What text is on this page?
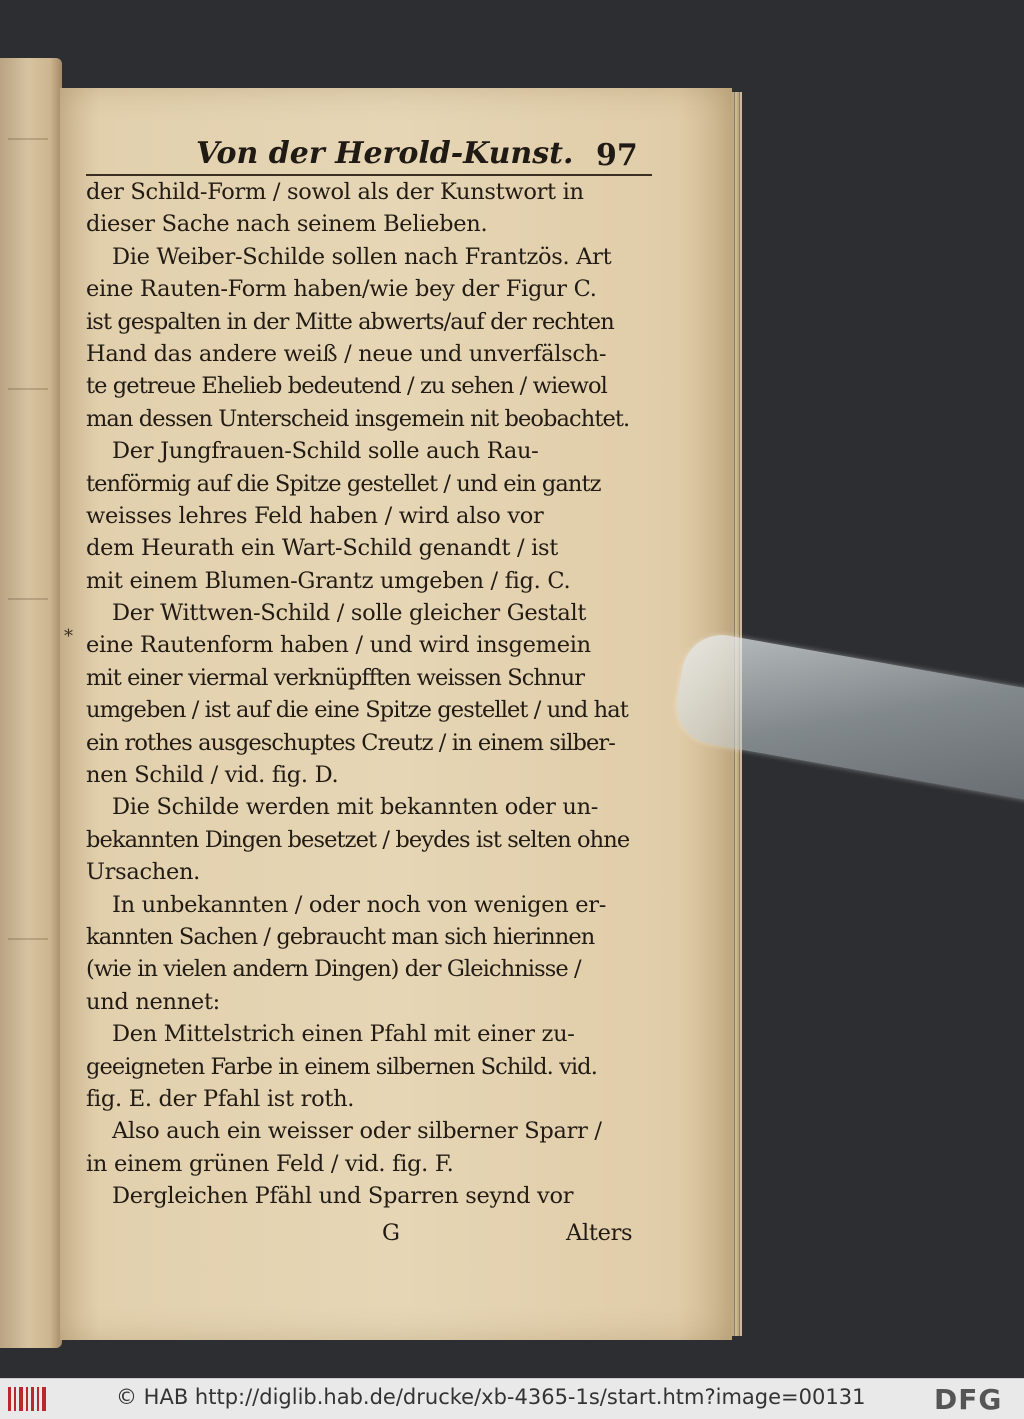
Von der Herold-Kunst. 97
*
der Schild-Form / sowol als der Kunstwort in
dieser Sache nach seinem Belieben.
Die Weiber-Schilde sollen nach Frantzös. Art
eine Rauten-Form haben/wie bey der Figur C.
ist gespalten in der Mitte abwerts/auf der rechten
Hand das andere weiß / neue und unverfälsch-
te getreue Ehelieb bedeutend / zu sehen / wiewol
man dessen Unterscheid insgemein nit beobachtet.
Der Jungfrauen-Schild solle auch Rau-
tenförmig auf die Spitze gestellet / und ein gantz
weisses lehres Feld haben / wird also vor
dem Heurath ein Wart-Schild genandt / ist
mit einem Blumen-Grantz umgeben / fig. C.
Der Wittwen-Schild / solle gleicher Gestalt
eine Rautenform haben / und wird insgemein
mit einer viermal verknüpfften weissen Schnur
umgeben / ist auf die eine Spitze gestellet / und hat
ein rothes ausgeschuptes Creutz / in einem silber-
nen Schild / vid. fig. D.
Die Schilde werden mit bekannten oder un-
bekannten Dingen besetzet / beydes ist selten ohne
Ursachen.
In unbekannten / oder noch von wenigen er-
kannten Sachen / gebraucht man sich hierinnen
(wie in vielen andern Dingen) der Gleichnisse /
und nennet:
Den Mittelstrich einen Pfahl mit einer zu-
geeigneten Farbe in einem silbernen Schild. vid.
fig. E. der Pfahl ist roth.
Also auch ein weisser oder silberner Sparr /
in einem grünen Feld / vid. fig. F.
Dergleichen Pfähl und Sparren seynd vor
G	Alters
© HAB http://diglib.hab.de/drucke/xb-4365-1s/start.htm?image=00131 DFG
